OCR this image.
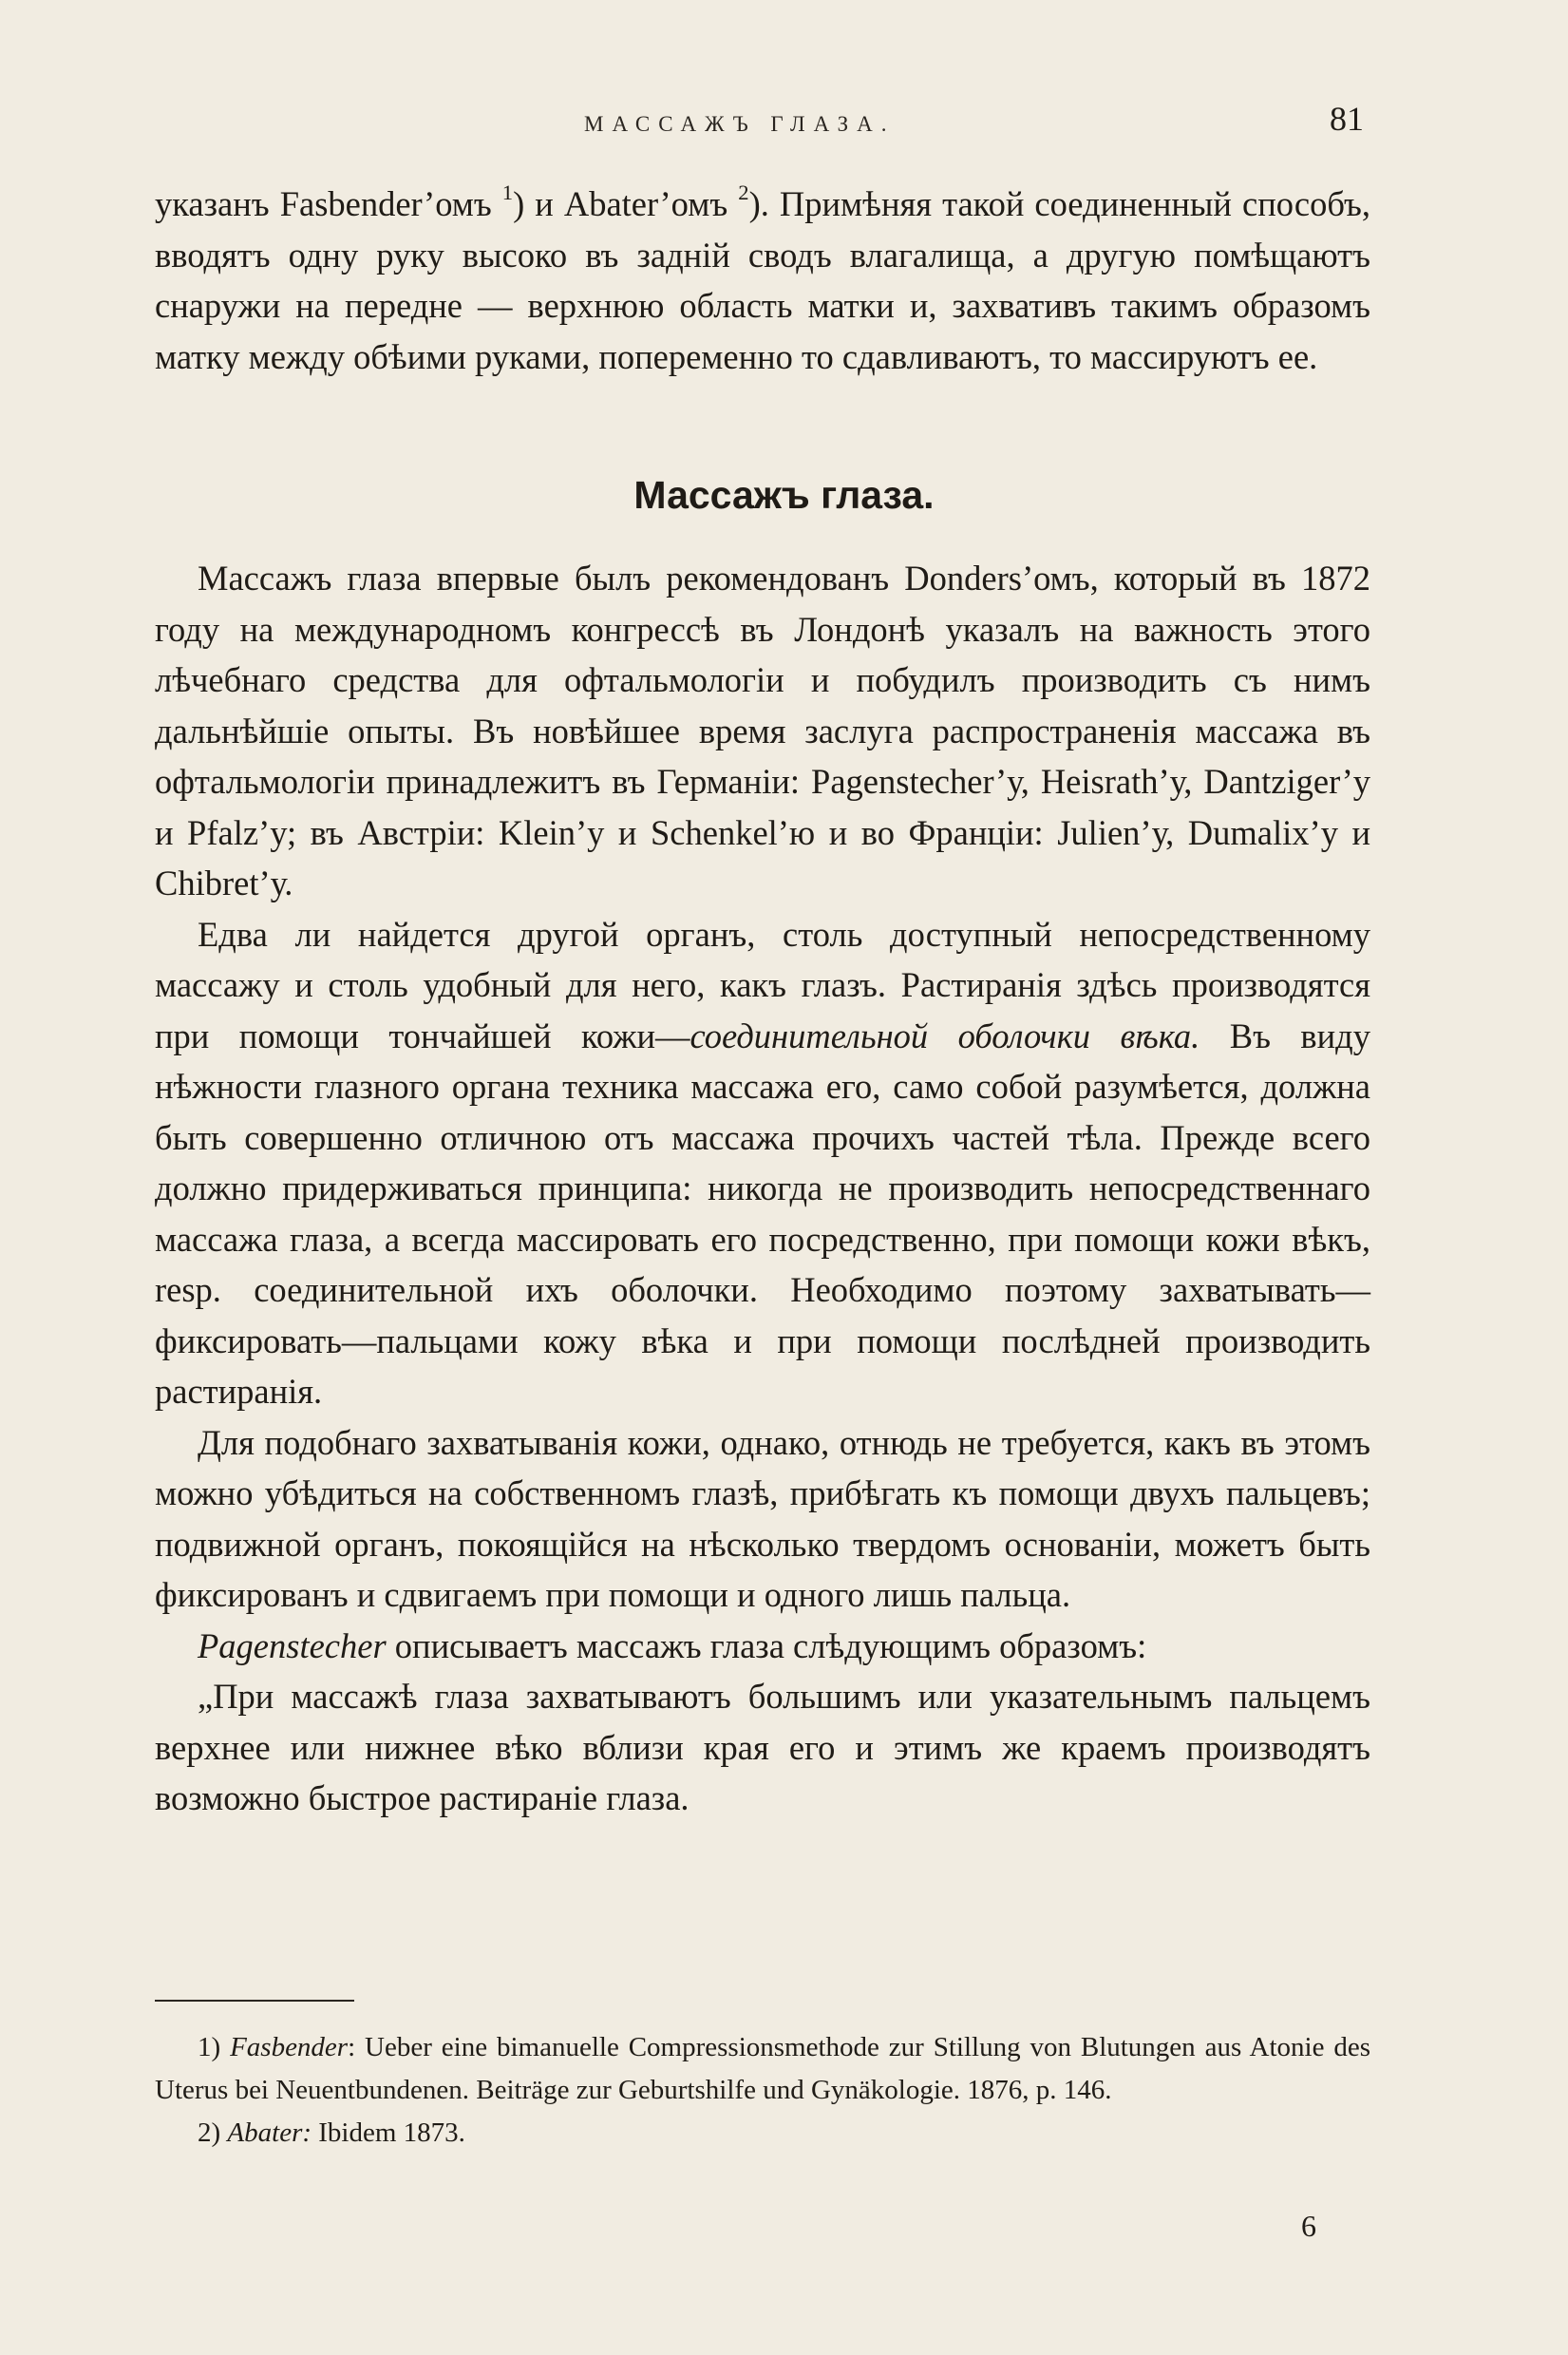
МАССАЖЪ ГЛАЗА.	81

указанъ Fasbender’омъ $^1$) и Abater’омъ $^2$). Примѣняя такой соединенный способъ, вводятъ одну руку высоко въ заднiй сводъ влагалища, а другую помѣщаютъ снаружи на передне — верхнюю область матки и, захвативъ такимъ образомъ матку между обѣими руками, попеременно то сдавливаютъ, то массируютъ ее.

Массажъ глаза.

Массажъ глаза впервые былъ рекомендованъ Donders’омъ, который въ 1872 году на международномъ конгрессѣ въ Лондонѣ указалъ на важность этого лѣчебнаго средства для офтальмологiи и побудилъ производить съ нимъ дальнѣйшiе опыты. Въ новѣйшее время заслуга распространенiя массажа въ офтальмологiи принадлежитъ въ Германiи: Pagenstecher’у, Heisrath’у, Dantziger’у и Pfalz’у; въ Австрiи: Klein’у и Schenkel’ю и во Францiи: Julien’у, Dumalix’у и Chibret’у.

Едва ли найдется другой органъ, столь доступный непосредственному массажу и столь удобный для него, какъ глазъ. Растиранiя здѣсь производятся при помощи тончайшей кожи—соединительной оболочки вѣка. Въ виду нѣжности глазного органа техника массажа его, само собой разумѣется, должна быть совершенно отличною отъ массажа прочихъ частей тѣла. Прежде всего должно придерживаться принципа: никогда не производить непосредственнаго массажа глаза, а всегда массировать его посредственно, при помощи кожи вѣкъ, resp. соединительной ихъ оболочки. Необходимо поэтому захватывать—фиксировать—пальцами кожу вѣка и при помощи послѣдней производить растиранiя.

Для подобнаго захватыванiя кожи, однако, отнюдь не требуется, какъ въ этомъ можно убѣдиться на собственномъ глазѣ, прибѣгать къ помощи двухъ пальцевъ; подвижной органъ, покоящiйся на нѣсколько твердомъ основанiи, можетъ быть фиксированъ и сдвигаемъ при помощи и одного лишь пальца.

Pagenstecher описываетъ массажъ глаза слѣдующимъ образомъ:

„При массажѣ глаза захватываютъ большимъ или указательнымъ пальцемъ верхнее или нижнее вѣко вблизи края его и этимъ же краемъ производятъ возможно быстрое растиранiе глаза.

1) Fasbender: Ueber eine bimanuelle Compressionsmethode zur Stillung von Blutungen aus Atonie des Uterus bei Neuentbundenen. Beiträge zur Geburtshilfe und Gynäkologie. 1876, p. 146.

2) Abater: Ibidem 1873.

6
